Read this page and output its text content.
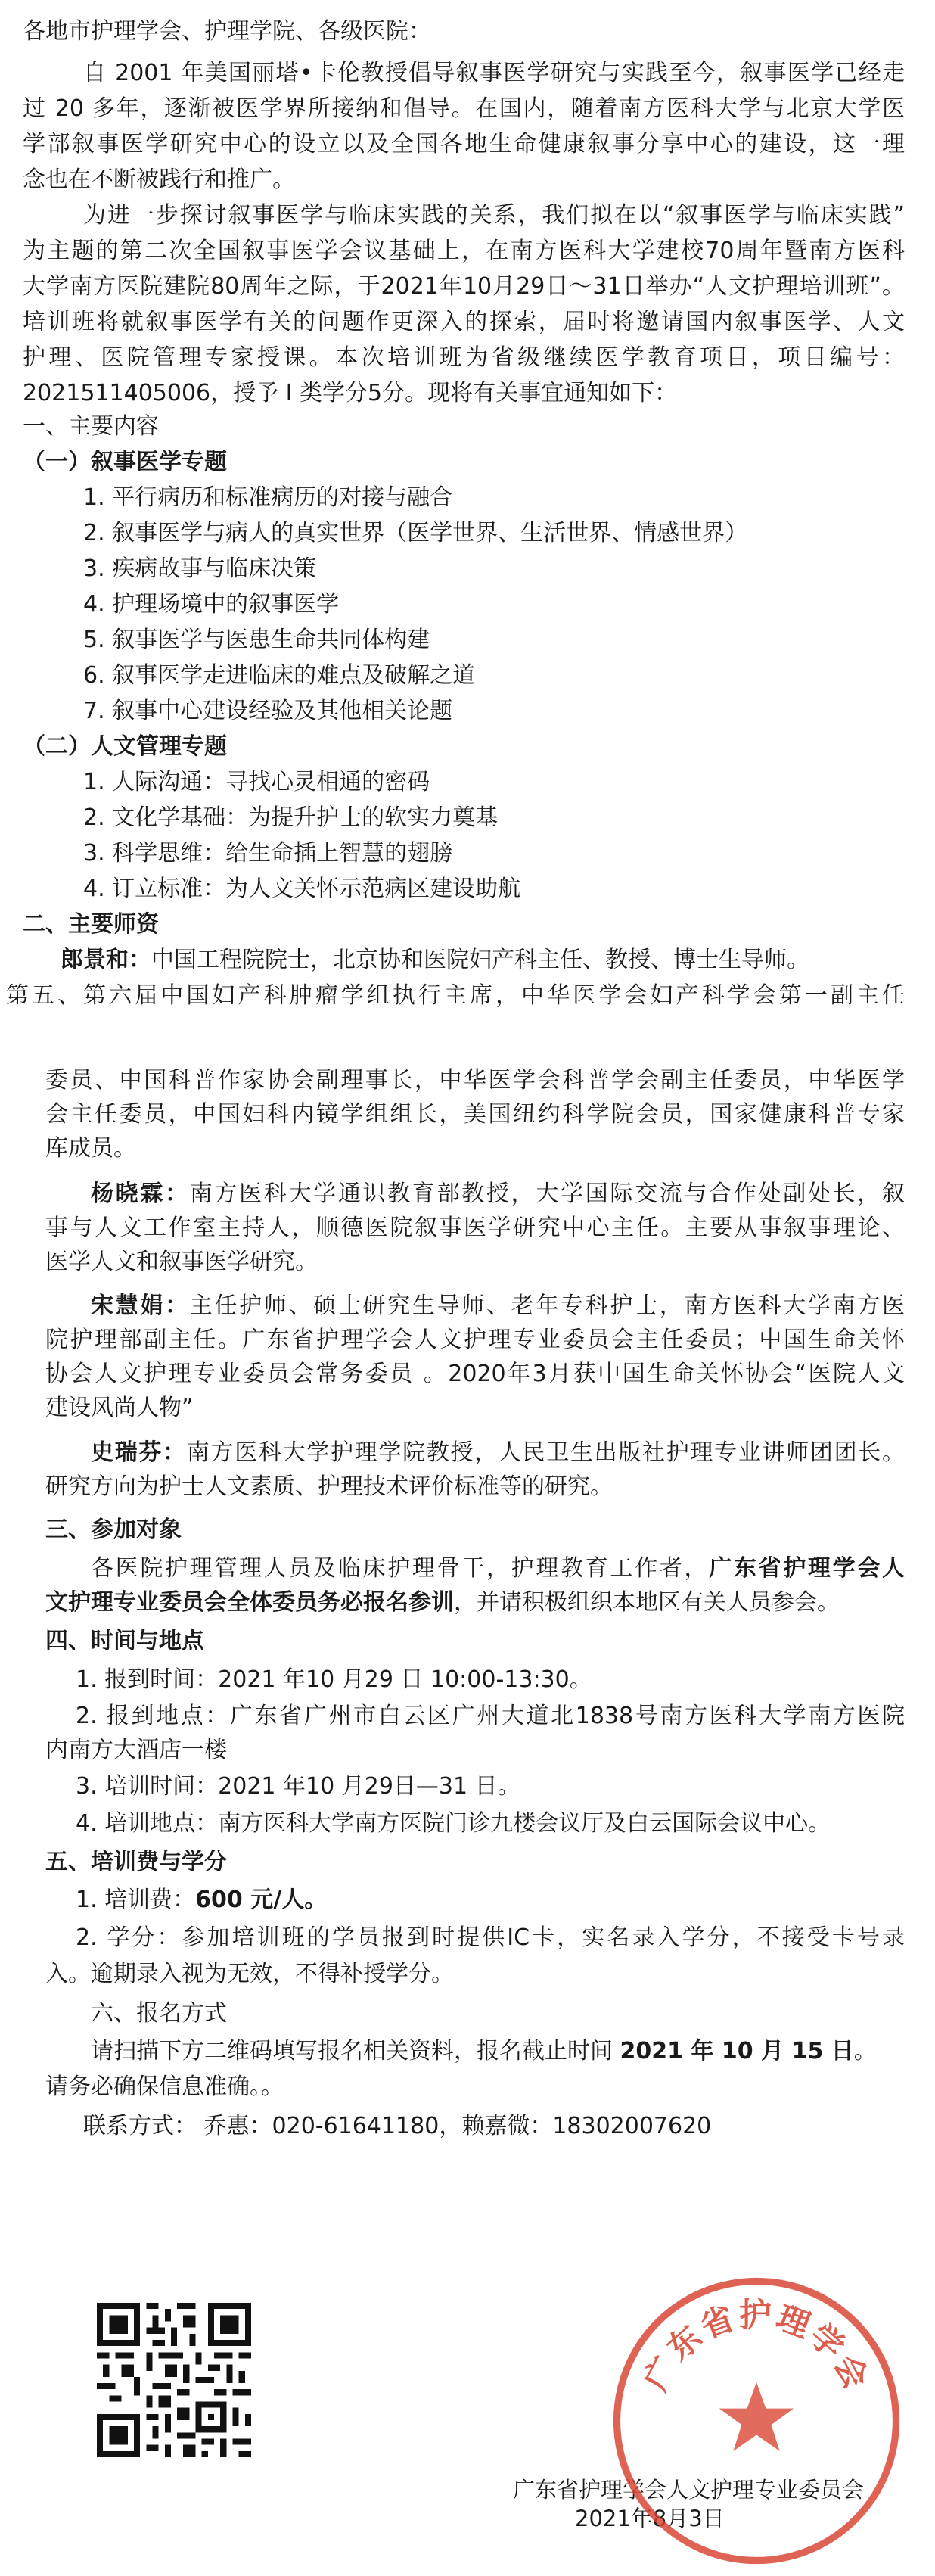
各地市护理学会、护理学院、各级医院：
自 2001 年美国丽塔•卡伦教授倡导叙事医学研究与实践至今，叙事医学已经走
过 20 多年，逐渐被医学界所接纳和倡导。在国内，随着南方医科大学与北京大学医
学部叙事医学研究中心的设立以及全国各地生命健康叙事分享中心的建设，这一理
念也在不断被践行和推广。
为进一步探讨叙事医学与临床实践的关系，我们拟在以“叙事医学与临床实践”
为主题的第二次全国叙事医学会议基础上，在南方医科大学建校70周年暨南方医科
大学南方医院建院80周年之际，于2021年10月29日～31日举办“人文护理培训班”。
培训班将就叙事医学有关的问题作更深入的探索，届时将邀请国内叙事医学、人文
护理、医院管理专家授课。本次培训班为省级继续医学教育项目，项目编号：
2021511405006，授予 I 类学分5分。现将有关事宜通知如下：
一、主要内容
（一）叙事医学专题
1. 平行病历和标准病历的对接与融合
2. 叙事医学与病人的真实世界（医学世界、生活世界、情感世界）
3. 疾病故事与临床决策
4. 护理场境中的叙事医学
5. 叙事医学与医患生命共同体构建
6. 叙事医学走进临床的难点及破解之道
7. 叙事中心建设经验及其他相关论题
（二）人文管理专题
1. 人际沟通：寻找心灵相通的密码
2. 文化学基础：为提升护士的软实力奠基
3. 科学思维：给生命插上智慧的翅膀
4. 订立标准：为人文关怀示范病区建设助航
二、主要师资
郎景和：中国工程院院士，北京协和医院妇产科主任、教授、博士生导师。
第五、第六届中国妇产科肿瘤学组执行主席，中华医学会妇产科学会第一副主任
委员、中国科普作家协会副理事长，中华医学会科普学会副主任委员，中华医学
会主任委员，中国妇科内镜学组组长，美国纽约科学院会员，国家健康科普专家
库成员。
杨晓霖：南方医科大学通识教育部教授，大学国际交流与合作处副处长，叙
事与人文工作室主持人，顺德医院叙事医学研究中心主任。主要从事叙事理论、
医学人文和叙事医学研究。
宋慧娟：主任护师、硕士研究生导师、老年专科护士，南方医科大学南方医
院护理部副主任。广东省护理学会人文护理专业委员会主任委员；中国生命关怀
协会人文护理专业委员会常务委员 。2020年3月获中国生命关怀协会“医院人文
建设风尚人物”
史瑞芬：南方医科大学护理学院教授，人民卫生出版社护理专业讲师团团长。
研究方向为护士人文素质、护理技术评价标准等的研究。
三、参加对象
各医院护理管理人员及临床护理骨干，护理教育工作者，广东省护理学会人
文护理专业委员会全体委员务必报名参训，并请积极组织本地区有关人员参会。
四、时间与地点
1. 报到时间：2021 年10 月29 日 10:00-13:30。
2. 报到地点：广东省广州市白云区广州大道北1838号南方医科大学南方医院
内南方大酒店一楼
3. 培训时间：2021 年10 月29日—31 日。
4. 培训地点：南方医科大学南方医院门诊九楼会议厅及白云国际会议中心。
五、培训费与学分
1. 培训费：600 元/人。
2. 学分：参加培训班的学员报到时提供IC卡，实名录入学分，不接受卡号录
入。逾期录入视为无效，不得补授学分。
六、报名方式
请扫描下方二维码填写报名相关资料，报名截止时间 2021 年 10 月 15 日。
请务必确保信息准确。。
联系方式： 乔惠：020-61641180，赖嘉微：18302007620
广东省护理学会人文护理专业委员会
2021年8月3日
广东省护理学会
